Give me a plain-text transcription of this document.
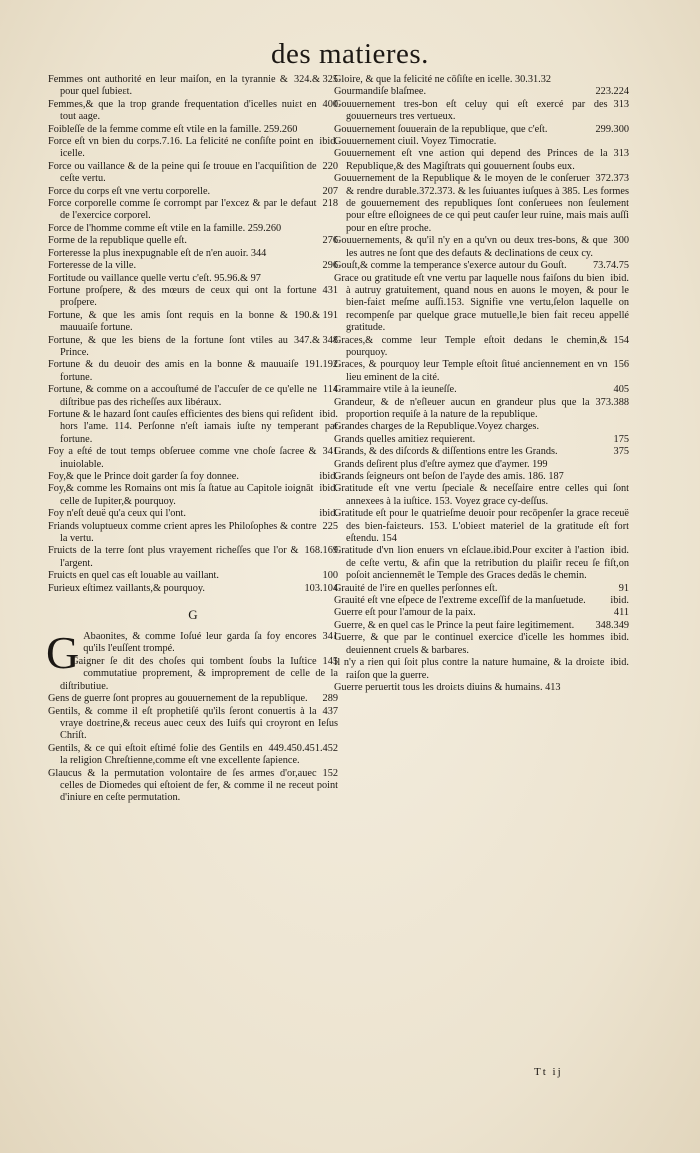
des matieres.

324.& 325
Femmes ont authorité en leur maiſon, en la tyrannie & pour quel ſubieɛt.

400
Femmes,& que la trop grande frequentation d'icelles nuiɛt en tout aage.

Foibleſſe de la femme comme eſt vtile en la famille. 259.260

ibid.
Force eſt vn bien du corps.7.16. La felicité ne conſiſte point en icelle.

220
Force ou vaillance & de la peine qui ſe trouue en l'acquiſition de ceſte vertu.

207
Force du corps eſt vne vertu corporelle.

218
Force corporelle comme ſe corrompt par l'excez & par le defaut de l'exercice corporel.

Force de l'homme comme eſt vtile en la famille. 259.260

276
Forme de la republique quelle eſt.

Forteresse la plus inexpugnable eſt de n'en auoir. 344

296
Forteresse de la ville.

Fortitude ou vaillance quelle vertu c'eſt. 95.96.& 97

431
Fortune proſpere, & des mœurs de ceux qui ont la fortune proſpere.

190.& 191
Fortune, & que les amis ſont requis en la bonne & mauuaiſe fortune.

347.& 348
Fortune, & que les biens de la fortune ſont vtiles au Prince.

191.192
Fortune & du deuoir des amis en la bonne & mauuaiſe fortune.

114
Fortune, & comme on a accouſtumé de l'accuſer de ce qu'elle ne diſtribue pas des richeſſes aux libéraux.

ibid.
Fortune & le hazard ſont cauſes efficientes des biens qui reſident hors l'ame. 114. Perſonne n'eſt iamais iuſte ny temperant par fortune.

341
Foy a eſté de tout temps obſeruee comme vne choſe ſacree & inuiolable.

ibid.
Foy,& que le Prince doit garder ſa foy donnee.

ibid.
Foy,& comme les Romains ont mis ſa ſtatue au Capitole ioignāt celle de Iupiter,& pourquoy.

ibid.
Foy n'eſt deuë qu'a ceux qui l'ont.

225
Friands voluptueux comme crient apres les Philoſophes & contre la vertu.

168.169
Fruicts de la terre ſont plus vrayement richeſſes que l'or & l'argent.

100
Fruicts en quel cas eſt louable au vaillant.

103.104
Furieux eſtimez vaillants,& pourquoy.

G

G	341
Abaonites, & comme Ioſué leur garda ſa foy encores qu'ils l'euſſent trompé.

145
Gaigner ſe dit des choſes qui tombent ſoubs la Iuſtice commutatiue proprement, & improprement de celle de la diſtributiue.

289
Gens de guerre ſont propres au gouuernement de la republique.

437
Gentils, & comme il eſt prophetiſé qu'ils ſeront conuertis à la vraye doɛtrine,& receus auec ceux des Iuifs qui croyront en Ieſus Chriſt.

449.450.451.452
Gentils, & ce qui eſtoit eſtimé folie des Gentils en la religion Chreſtienne,comme eſt vne excellente ſapience.

152
Glaucus & la permutation volontaire de ſes armes d'or,auec celles de Diomedes qui eſtoient de fer, & comme il ne receut point d'iniure en ceſte permutation.

Gloire, & que la felicité ne cōſiſte en icelle. 30.31.32

223.224
Gourmandiſe blaſmee.

313
Gouuernement tres-bon eſt celuy qui eſt exercé par des gouuerneurs tres vertueux.

299.300
Gouuernement ſouuerain de la republique, que c'eſt.

Gouuernement ciuil. Voyez Timocratie.

313
Gouuernement eſt vne aɛtion qui depend des Princes de la Republique,& des Magiſtrats qui gouuernent ſoubs eux.

372.373
Gouuernement de la Republique & le moyen de le conſeruer & rendre durable.372.373. & les ſuiuantes iuſques à 385. Les formes de gouuernement des republiques ſont conſeruees non ſeulement pour eſtre eſloignees de ce qui peut cauſer leur ruine, mais mais auſſi pour en eſtre proche.

300
Gouuernements, & qu'il n'y en a qu'vn ou deux tres-bons, & que les autres ne ſont que des defauts & declinations de ceux cy.

73.74.75
Gouſt,& comme la temperance s'exerce autour du Gouſt.

ibid.
Grace ou gratitude eſt vne vertu par laquelle nous faiſons du bien à autruy gratuitement, quand nous en auons le moyen, & pour le bien-faiɛt meſme auſſi.153. Signifie vne vertu,ſelon laquelle on recompenſe par quelque grace mutuelle,le bien fait receu appellé gratitude.

154
Graces,& comme leur Temple eſtoit dedans le chemin,& pourquoy.

156
Graces, & pourquoy leur Temple eſtoit ſitué anciennement en vn lieu eminent de la cité.

405
Grammaire vtile à la ieuneſſe.

373.388
Grandeur, & de n'eſleuer aucun en grandeur plus que la proportion requiſe à la nature de la republique.

Grandes charges de la Republique.Voyez charges.

175
Grands quelles amitiez requierent.

375
Grands, & des diſcords & diſſentions entre les Grands.

Grands deſirent plus d'eſtre aymez que d'aymer. 199

Grands ſeigneurs ont beſon de l'ayde des amis. 186. 187

Gratitude eſt vne vertu ſpeciale & neceſſaire entre celles qui ſont annexees à la iuſtice. 153. Voyez grace cy-deſſus.

Gratitude eſt pour le quatrieſme deuoir pour recōpenſer la grace receuë des bien-faiɛteurs. 153. L'obieɛt materiel de la gratitude eſt fort eſtendu. 154

ibid.
Gratitude d'vn lion enuers vn eſclaue.ibid.Pour exciter à l'aɛtion de ceſte vertu, & afin que la retribution du plaiſir receu ſe fiſt,on poſoit anciennemēt le Temple des Graces dedās le chemin.

91
Grauité de l'ire en quelles perſonnes eſt.

ibid.
Grauité eſt vne eſpece de l'extreme exceſſif de la manſuetude.

411
Guerre eſt pour l'amour de la paix.

348.349
Guerre, & en quel cas le Prince la peut faire legitimement.

ibid.
Guerre, & que par le continuel exercice d'icelle les hommes deuiennent cruels & barbares.

ibid.
Il n'y a rien qui ſoit plus contre la nature humaine, & la droiɛte raiſon que la guerre.

Guerre peruertit tous les droiɛts diuins & humains. 413

Tt ij
